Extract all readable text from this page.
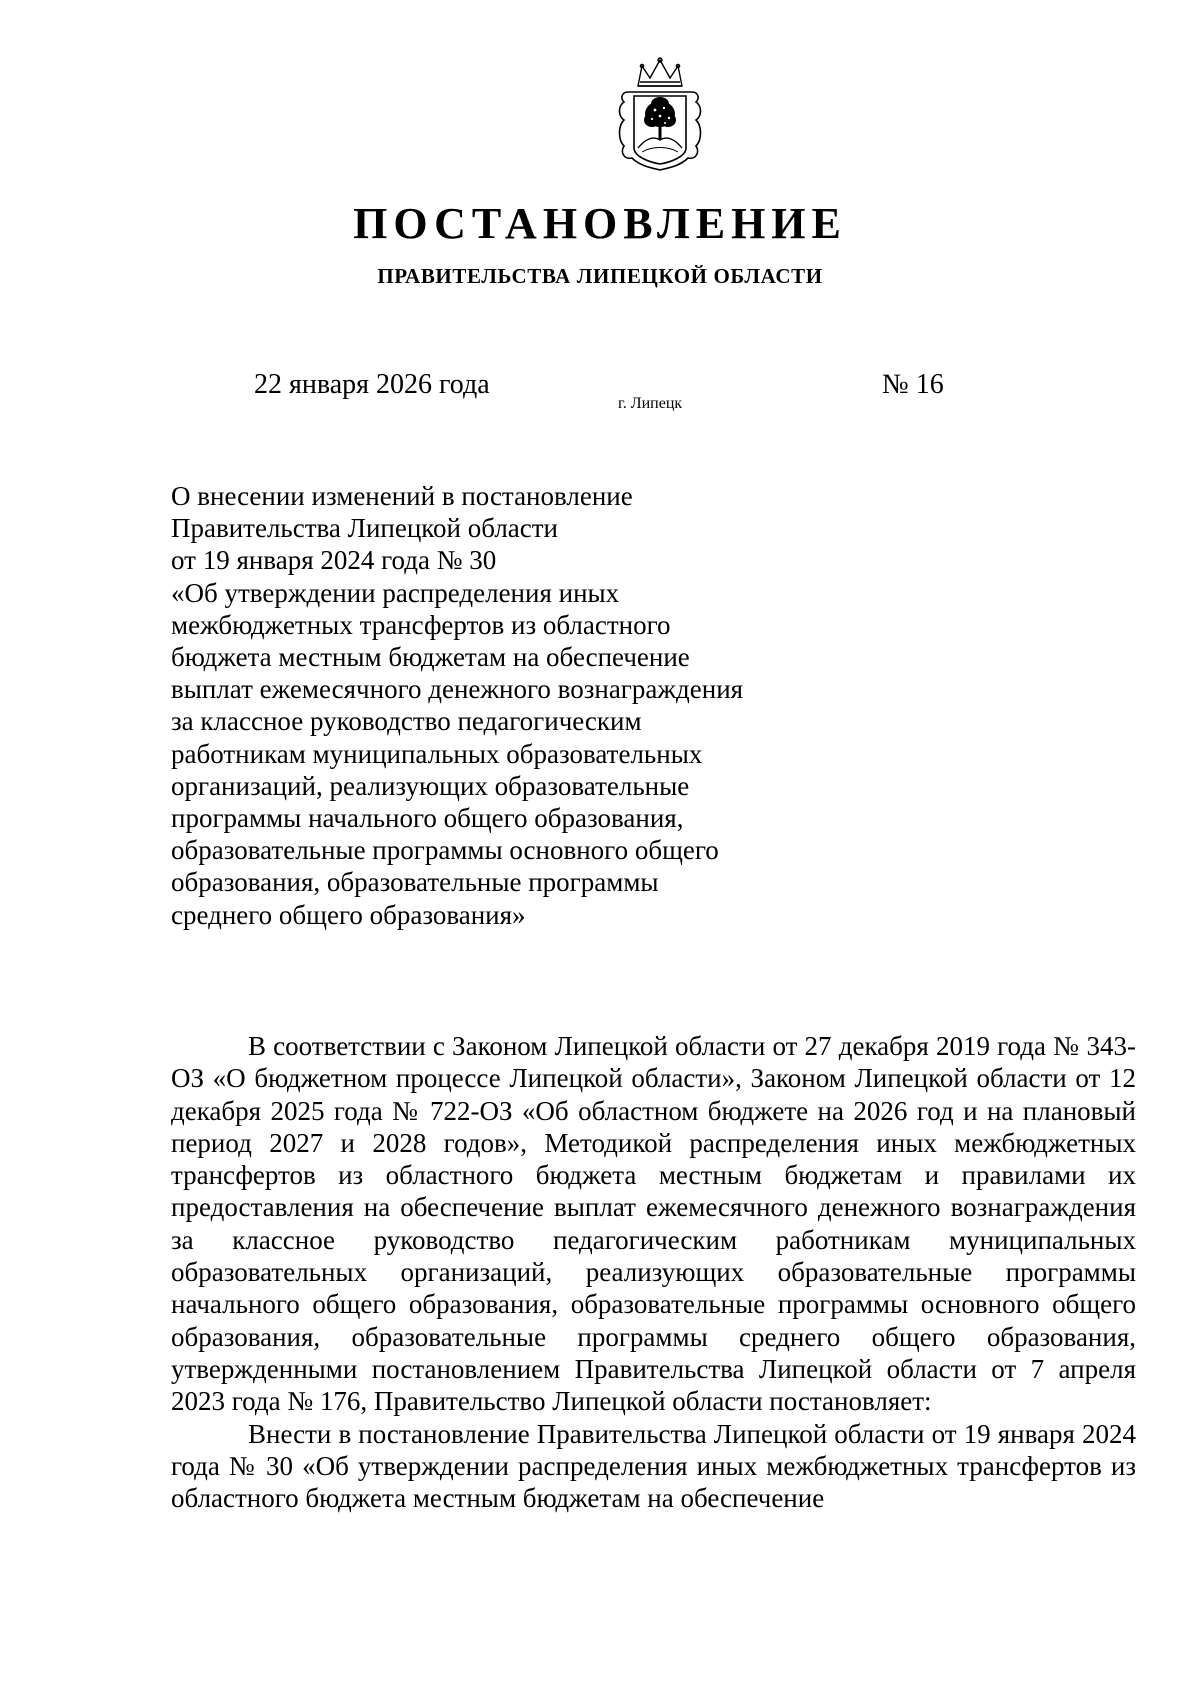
ПОСТАНОВЛЕНИЕ
ПРАВИТЕЛЬСТВА ЛИПЕЦКОЙ ОБЛАСТИ
22 января 2026 года
г. Липецк
№ 16
О внесении изменений в постановление
Правительства Липецкой области
от 19 января 2024 года № 30
«Об утверждении распределения иных
межбюджетных трансфертов из областного
бюджета местным бюджетам на обеспечение
выплат ежемесячного денежного вознаграждения
за классное руководство педагогическим
работникам муниципальных образовательных
организаций, реализующих образовательные
программы начального общего образования,
образовательные программы основного общего
образования, образовательные программы
среднего общего образования»

В соответствии с Законом Липецкой области от 27 декабря 2019 года № 343-ОЗ «О бюджетном процессе Липецкой области», Законом Липецкой области от 12 декабря 2025 года № 722-ОЗ «Об областном бюджете на 2026 год и на плановый период 2027 и 2028 годов», Методикой распределения иных межбюджетных трансфертов из областного бюджета местным бюджетам и правилами их предоставления на обеспечение выплат ежемесячного денежного вознаграждения за классное руководство педагогическим работникам муниципальных образовательных организаций, реализующих образовательные программы начального общего образования, образовательные программы основного общего образования, образовательные программы среднего общего образования, утвержденными постановлением Правительства Липецкой области от 7 апреля 2023 года № 176, Правительство Липецкой области постановляет:

Внести в постановление Правительства Липецкой области от 19 января 2024 года № 30 «Об утверждении распределения иных межбюджетных трансфертов из областного бюджета местным бюджетам на обеспечение
